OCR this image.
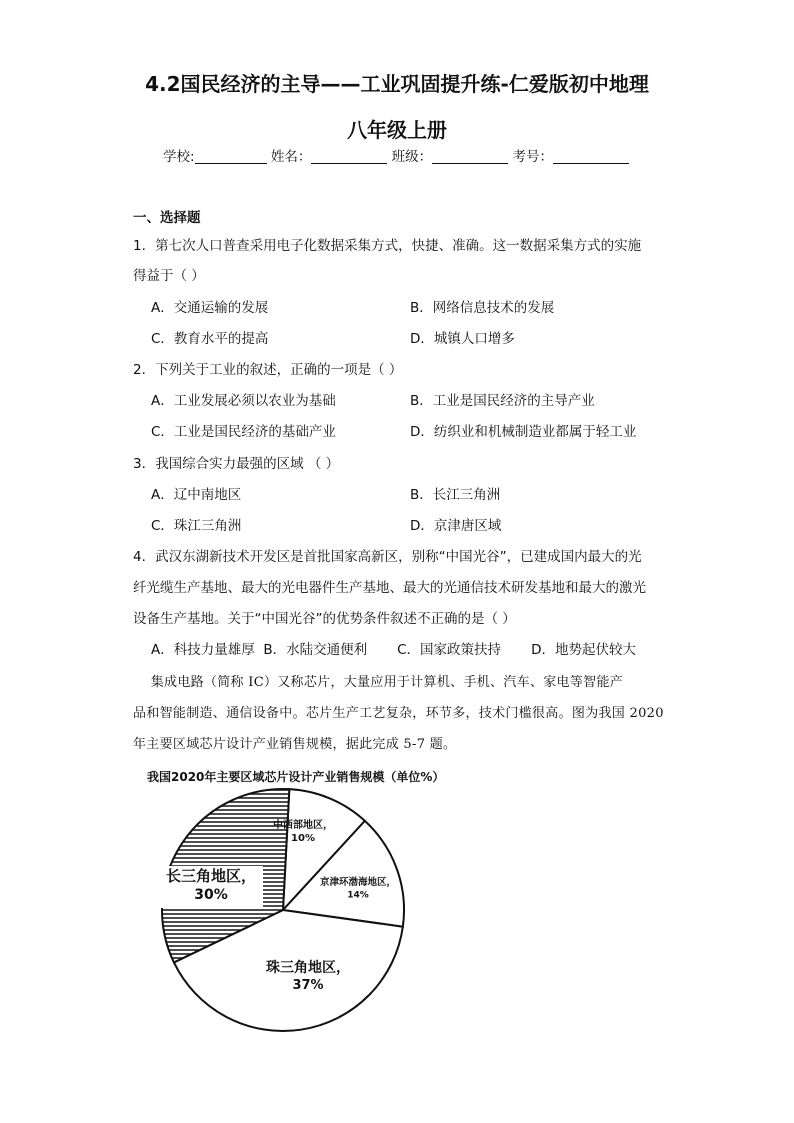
4.2国民经济的主导——工业巩固提升练-仁爱版初中地理
八年级上册
学校:	姓名：	班级：	考号：
一、选择题
1．第七次人口普查采用电子化数据采集方式，快捷、准确。这一数据采集方式的实施
得益于（ ）
A．交通运输的发展	B．网络信息技术的发展
C．教育水平的提高	D．城镇人口增多
2．下列关于工业的叙述，正确的一项是（ ）
A．工业发展必须以农业为基础	B．工业是国民经济的主导产业
C．工业是国民经济的基础产业	D．纺织业和机械制造业都属于轻工业
3．我国综合实力最强的区域 （ ）
A．辽中南地区	B．长江三角洲
C．珠江三角洲	D．京津唐区域
4．武汉东湖新技术开发区是首批国家高新区，别称“中国光谷”，已建成国内最大的光
纤光缆生产基地、最大的光电器件生产基地、最大的光通信技术研发基地和最大的激光
设备生产基地。关于“中国光谷”的优势条件叙述不正确的是（ ）
A．科技力量雄厚  B．水陆交通便利       C．国家政策扶持       D．地势起伏较大
集成电路（简称 IC）又称芯片，大量应用于计算机、手机、汽车、家电等智能产
品和智能制造、通信设备中。芯片生产工艺复杂，环节多，技术门槛很高。图为我国 2020
年主要区域芯片设计产业销售规模，据此完成 5-7 题。
我国2020年主要区域芯片设计产业销售规模（单位%）
中西部地区，
10%
京津环渤海地区，
14%
珠三角地区，
37%
长三角地区，
30%
